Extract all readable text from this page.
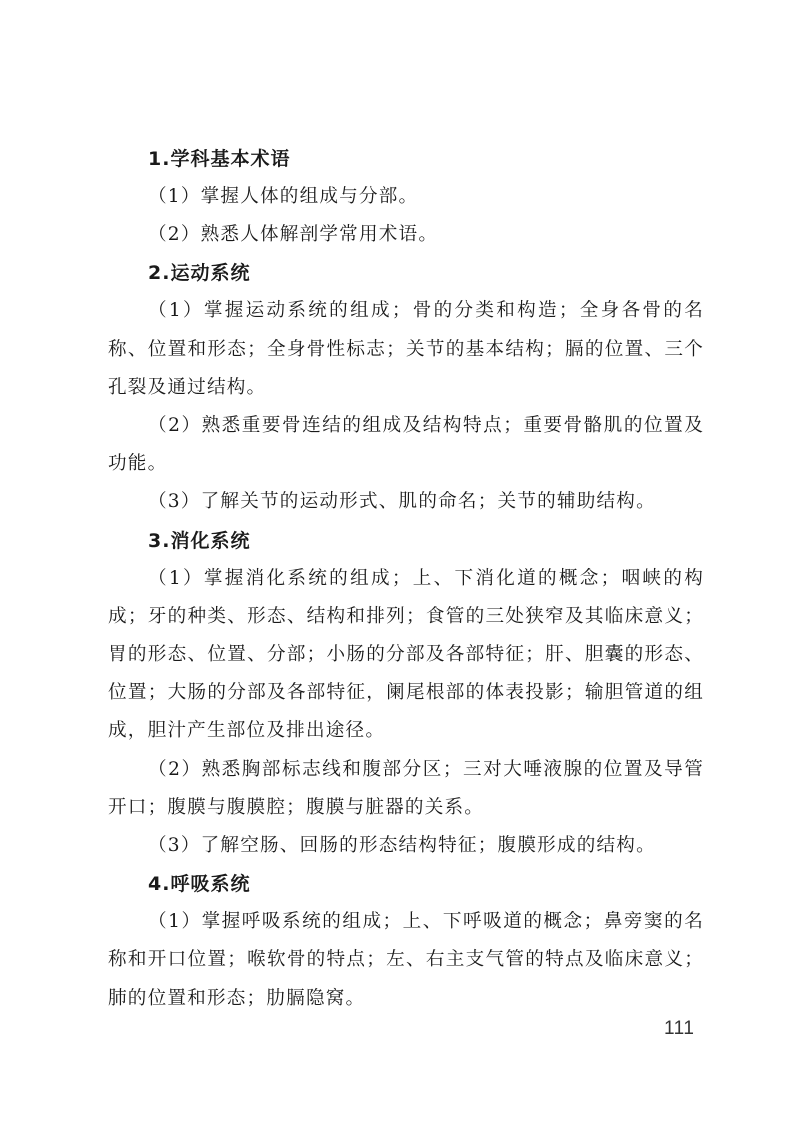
1.学科基本术语

（1）掌握人体的组成与分部。

（2）熟悉人体解剖学常用术语。

2.运动系统

（1）掌握运动系统的组成；骨的分类和构造；全身各骨的名称、位置和形态；全身骨性标志；关节的基本结构；膈的位置、三个孔裂及通过结构。

（2）熟悉重要骨连结的组成及结构特点；重要骨骼肌的位置及功能。

（3）了解关节的运动形式、肌的命名；关节的辅助结构。

3.消化系统

（1）掌握消化系统的组成；上、下消化道的概念；咽峡的构成；牙的种类、形态、结构和排列；食管的三处狭窄及其临床意义；胃的形态、位置、分部；小肠的分部及各部特征；肝、胆囊的形态、位置；大肠的分部及各部特征，阑尾根部的体表投影；输胆管道的组成，胆汁产生部位及排出途径。

（2）熟悉胸部标志线和腹部分区；三对大唾液腺的位置及导管开口；腹膜与腹膜腔；腹膜与脏器的关系。

（3）了解空肠、回肠的形态结构特征；腹膜形成的结构。

4.呼吸系统

（1）掌握呼吸系统的组成；上、下呼吸道的概念；鼻旁窦的名称和开口位置；喉软骨的特点；左、右主支气管的特点及临床意义；肺的位置和形态；肋膈隐窝。

111
